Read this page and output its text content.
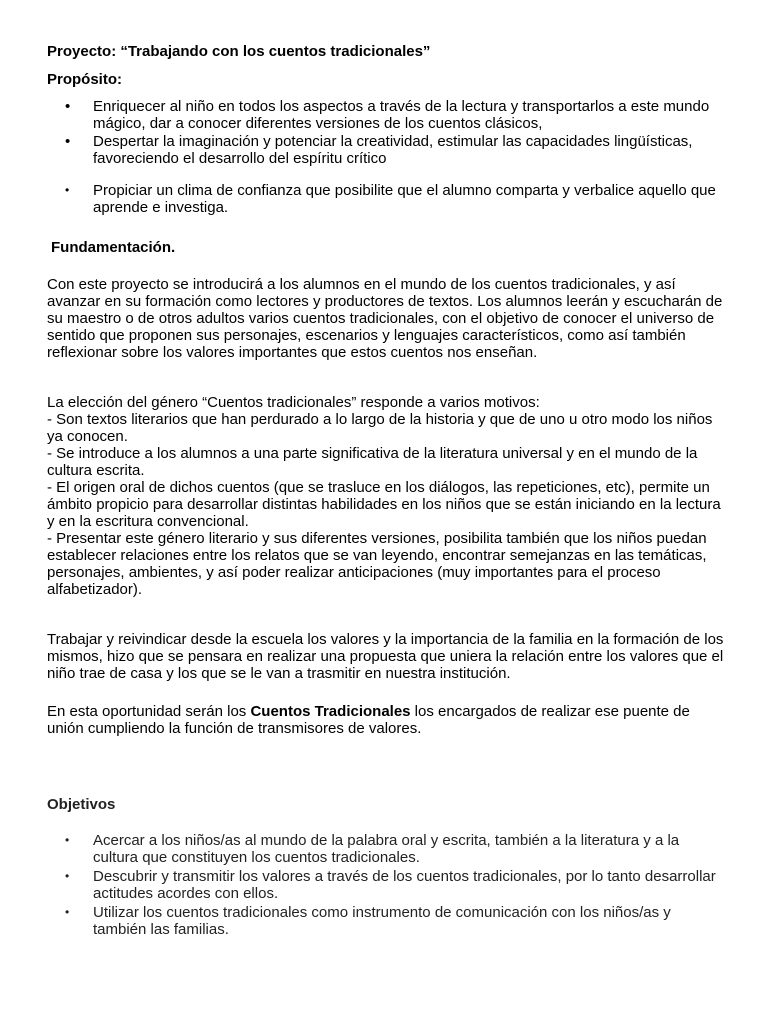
Proyecto: “Trabajando con los cuentos tradicionales”
Propósito:
• Enriquecer al niño en todos los aspectos a través de la lectura y transportarlos a este mundo mágico, dar a conocer diferentes versiones de los cuentos clásicos,
• Despertar la imaginación y potenciar la creatividad, estimular las capacidades lingüísticas, favoreciendo el desarrollo del espíritu crítico
• Propiciar un clima de confianza que posibilite que el alumno comparta y verbalice aquello que aprende e investiga.
Fundamentación.

Con este proyecto se introducirá a los alumnos en el mundo de los cuentos tradicionales, y así avanzar en su formación como lectores y productores de textos. Los alumnos leerán y escucharán de su maestro o de otros adultos varios cuentos tradicionales, con el objetivo de conocer el universo de sentido que proponen sus personajes, escenarios y lenguajes característicos, como así también reflexionar sobre los valores importantes que estos cuentos nos enseñan.

La elección del género “Cuentos tradicionales” responde a varios motivos:
- Son textos literarios que han perdurado a lo largo de la historia y que de uno u otro modo los niños ya conocen.
- Se introduce a los alumnos a una parte significativa de la literatura universal y en el mundo de la cultura escrita.
- El origen oral de dichos cuentos (que se trasluce en los diálogos, las repeticiones, etc), permite un ámbito propicio para desarrollar distintas habilidades en los niños que se están iniciando en la lectura y en la escritura convencional.
- Presentar este género literario y sus diferentes versiones, posibilita también que los niños puedan establecer relaciones entre los relatos que se van leyendo, encontrar semejanzas en las temáticas, personajes, ambientes, y así poder realizar anticipaciones (muy importantes para el proceso alfabetizador).

Trabajar y reivindicar desde la escuela los valores y la importancia de la familia en la formación de los mismos, hizo que se pensara en realizar una propuesta que uniera la relación entre los valores que el niño trae de casa y los que se le van a trasmitir en nuestra institución.

En esta oportunidad serán los Cuentos Tradicionales los encargados de realizar ese puente de unión cumpliendo la función de transmisores de valores.

Objetivos
• Acercar a los niños/as al mundo de la palabra oral y escrita, también a la literatura y a la cultura que constituyen los cuentos tradicionales.
• Descubrir y transmitir los valores a través de los cuentos tradicionales, por lo tanto desarrollar actitudes acordes con ellos.
• Utilizar los cuentos tradicionales como instrumento de comunicación con los niños/as y también las familias.
